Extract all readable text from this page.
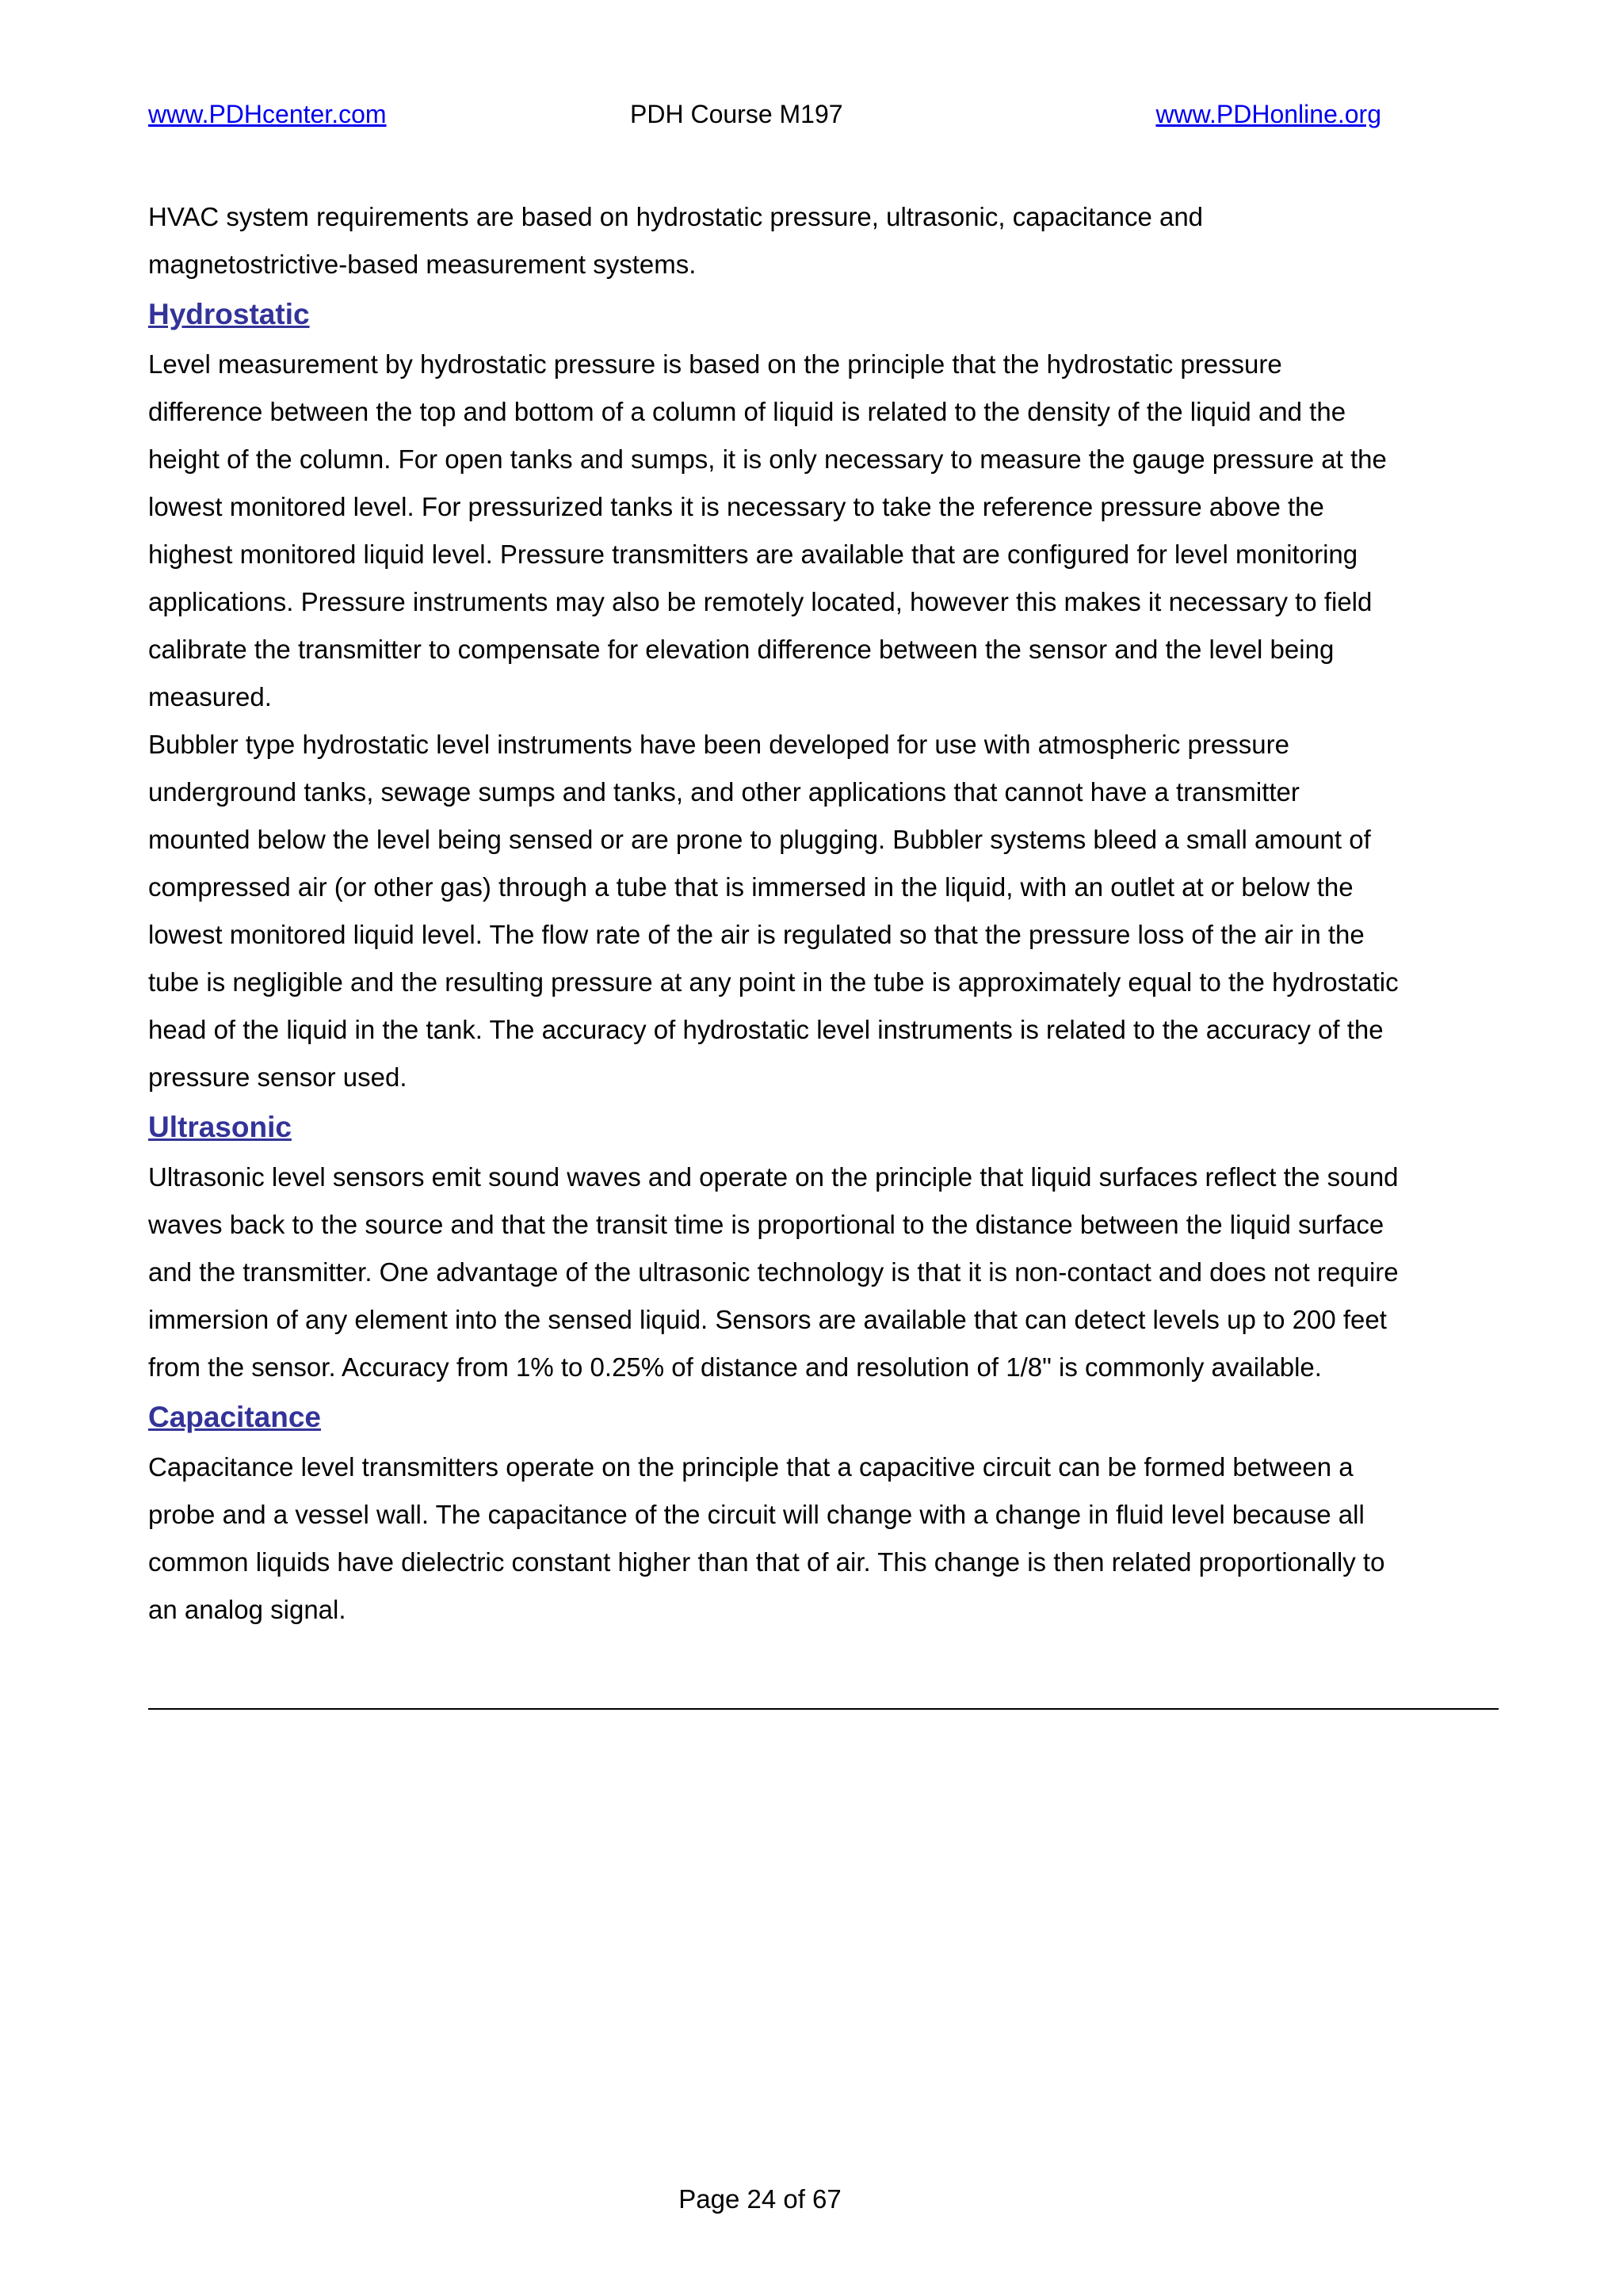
www.PDHcenter.com	PDH Course M197	www.PDHonline.org

HVAC system requirements are based on hydrostatic pressure, ultrasonic, capacitance and magnetostrictive-based measurement systems.

Hydrostatic

Level measurement by hydrostatic pressure is based on the principle that the hydrostatic pressure difference between the top and bottom of a column of liquid is related to the density of the liquid and the height of the column. For open tanks and sumps, it is only necessary to measure the gauge pressure at the lowest monitored level. For pressurized tanks it is necessary to take the reference pressure above the highest monitored liquid level. Pressure transmitters are available that are configured for level monitoring applications. Pressure instruments may also be remotely located, however this makes it necessary to field calibrate the transmitter to compensate for elevation difference between the sensor and the level being measured.

Bubbler type hydrostatic level instruments have been developed for use with atmospheric pressure underground tanks, sewage sumps and tanks, and other applications that cannot have a transmitter mounted below the level being sensed or are prone to plugging. Bubbler systems bleed a small amount of compressed air (or other gas) through a tube that is immersed in the liquid, with an outlet at or below the lowest monitored liquid level. The flow rate of the air is regulated so that the pressure loss of the air in the tube is negligible and the resulting pressure at any point in the tube is approximately equal to the hydrostatic head of the liquid in the tank. The accuracy of hydrostatic level instruments is related to the accuracy of the pressure sensor used.

Ultrasonic

Ultrasonic level sensors emit sound waves and operate on the principle that liquid surfaces reflect the sound waves back to the source and that the transit time is proportional to the distance between the liquid surface and the transmitter. One advantage of the ultrasonic technology is that it is non-contact and does not require immersion of any element into the sensed liquid. Sensors are available that can detect levels up to 200 feet from the sensor. Accuracy from 1% to 0.25% of distance and resolution of 1/8" is commonly available.

Capacitance

Capacitance level transmitters operate on the principle that a capacitive circuit can be formed between a probe and a vessel wall. The capacitance of the circuit will change with a change in fluid level because all common liquids have dielectric constant higher than that of air. This change is then related proportionally to an analog signal.

Page 24 of 67
